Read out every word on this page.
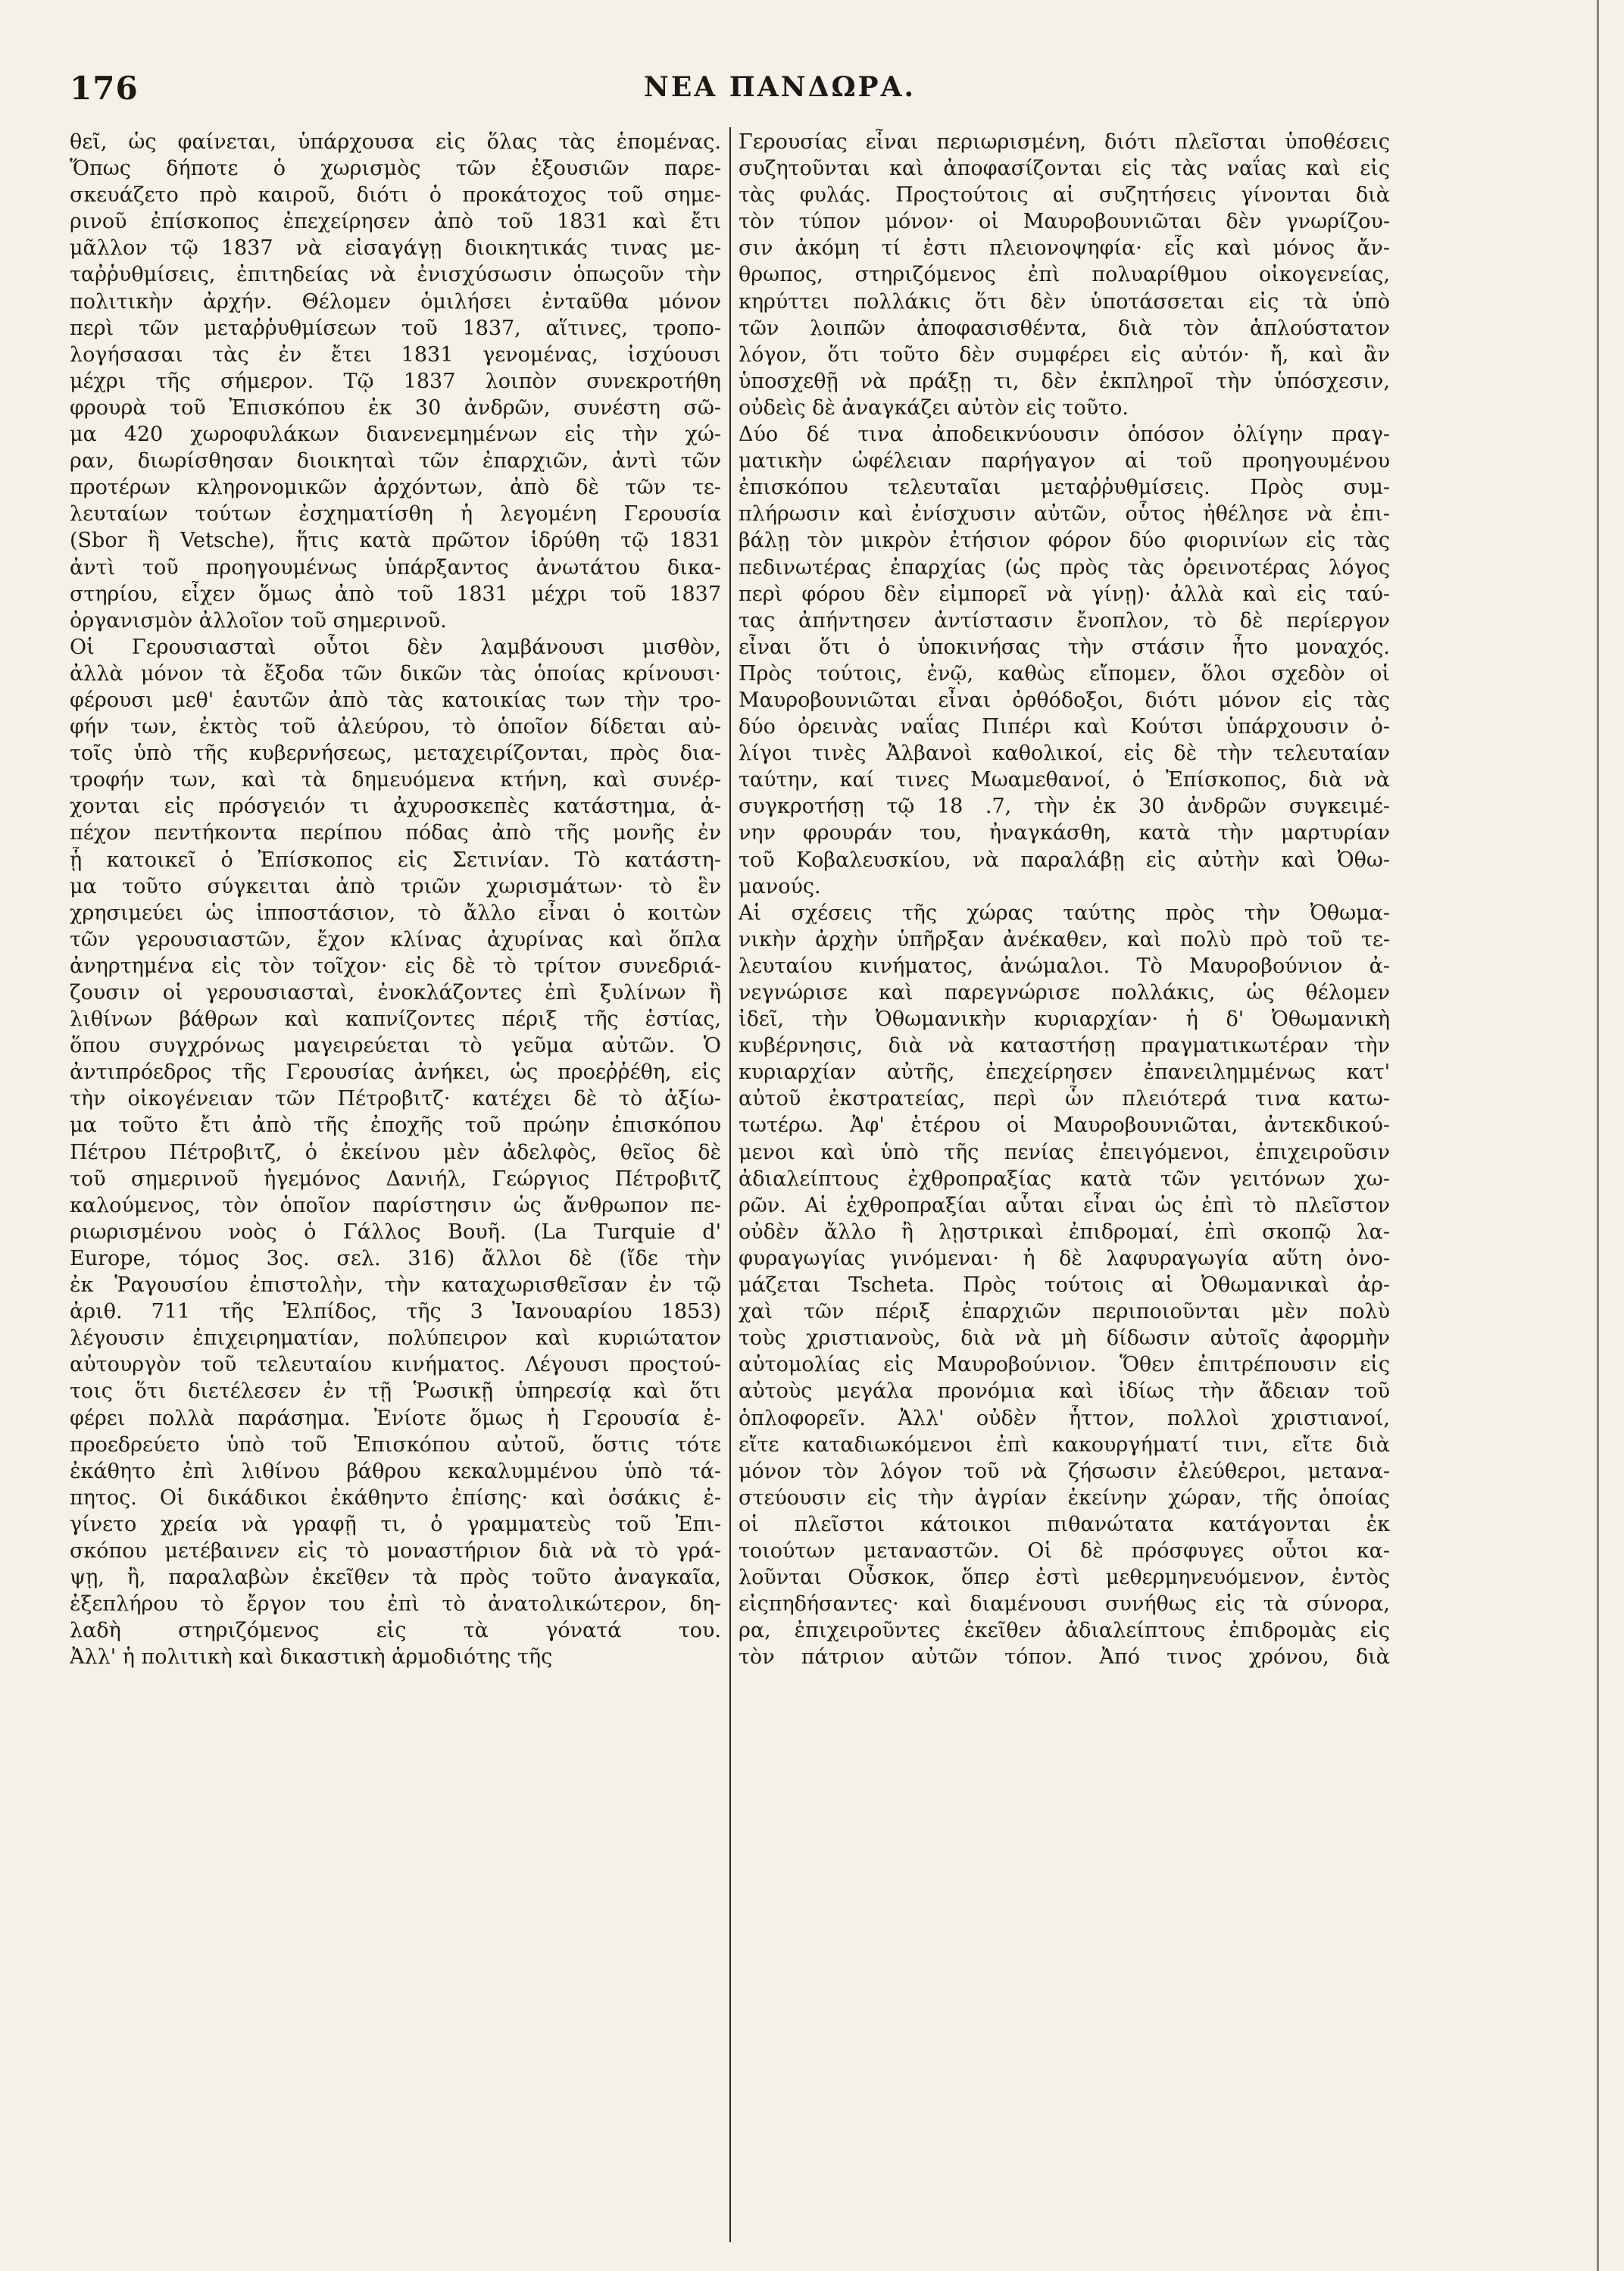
176	ΝΕΑ ΠΑΝΔΩΡΑ.
θεῖ, ὡς φαίνεται, ὑπάρχουσα εἰς ὅλας τὰς ἑπομένας.
Ὅπως δήποτε ὁ χωρισμὸς τῶν ἐξουσιῶν παρε-
σκευάζετο πρὸ καιροῦ, διότι ὁ προκάτοχος τοῦ σημε-
ρινοῦ ἐπίσκοπος ἐπεχείρησεν ἀπὸ τοῦ 1831 καὶ ἔτι
μᾶλλον τῷ 1837 νὰ εἰσαγάγῃ διοικητικάς τινας με-
ταῤῥυθμίσεις, ἐπιτηδείας νὰ ἐνισχύσωσιν ὁπωςοῦν τὴν
πολιτικὴν ἀρχήν. Θέλομεν ὁμιλήσει ἐνταῦθα μόνον
περὶ τῶν μεταῤῥυθμίσεων τοῦ 1837, αἵτινες, τροπο-
λογήσασαι τὰς ἐν ἔτει 1831 γενομένας, ἰσχύουσι
μέχρι τῆς σήμερον. Τῷ 1837 λοιπὸν συνεκροτήθη
φρουρὰ τοῦ Ἐπισκόπου ἐκ 30 ἀνδρῶν, συνέστη σῶ-
μα 420 χωροφυλάκων διανενεμημένων εἰς τὴν χώ-
ραν, διωρίσθησαν διοικηταὶ τῶν ἐπαρχιῶν, ἀντὶ τῶν
προτέρων κληρονομικῶν ἀρχόντων, ἀπὸ δὲ τῶν τε-
λευταίων τούτων ἐσχηματίσθη ἡ λεγομένη Γερουσία
(Sbor ἢ Vetsche), ἥτις κατὰ πρῶτον ἱδρύθη τῷ 1831
ἀντὶ τοῦ προηγουμένως ὑπάρξαντος ἀνωτάτου δικα-
στηρίου, εἶχεν ὅμως ἀπὸ τοῦ 1831 μέχρι τοῦ 1837
ὀργανισμὸν ἀλλοῖον τοῦ σημερινοῦ.
Οἱ Γερουσιασταὶ οὗτοι δὲν λαμβάνουσι μισθὸν,
ἀλλὰ μόνον τὰ ἔξοδα τῶν δικῶν τὰς ὁποίας κρίνουσι·
φέρουσι μεθ' ἑαυτῶν ἀπὸ τὰς κατοικίας των τὴν τρο-
φήν των, ἐκτὸς τοῦ ἀλεύρου, τὸ ὁποῖον δίδεται αὐ-
τοῖς ὑπὸ τῆς κυβερνήσεως, μεταχειρίζονται, πρὸς δια-
τροφήν των, καὶ τὰ δημευόμενα κτήνη, καὶ συνέρ-
χονται εἰς πρόσγειόν τι ἀχυροσκεπὲς κατάστημα, ἀ-
πέχον πεντήκοντα περίπου πόδας ἀπὸ τῆς μονῆς ἐν
ᾗ κατοικεῖ ὁ Ἐπίσκοπος εἰς Σετινίαν. Τὸ κατάστη-
μα τοῦτο σύγκειται ἀπὸ τριῶν χωρισμάτων· τὸ ἓν
χρησιμεύει ὡς ἱπποστάσιον, τὸ ἄλλο εἶναι ὁ κοιτὼν
τῶν γερουσιαστῶν, ἔχον κλίνας ἀχυρίνας καὶ ὅπλα
ἀνηρτημένα εἰς τὸν τοῖχον· εἰς δὲ τὸ τρίτον συνεδριά-
ζουσιν οἱ γερουσιασταὶ, ἐνοκλάζοντες ἐπὶ ξυλίνων ἢ
λιθίνων βάθρων καὶ καπνίζοντες πέριξ τῆς ἑστίας,
ὅπου συγχρόνως μαγειρεύεται τὸ γεῦμα αὐτῶν. Ὁ
ἀντιπρόεδρος τῆς Γερουσίας ἀνήκει, ὡς προεῤῥέθη, εἰς
τὴν οἰκογένειαν τῶν Πέτροβιτζ· κατέχει δὲ τὸ ἀξίω-
μα τοῦτο ἔτι ἀπὸ τῆς ἐποχῆς τοῦ πρώην ἐπισκόπου
Πέτρου Πέτροβιτζ, ὁ ἐκείνου μὲν ἀδελφὸς, θεῖος δὲ
τοῦ σημερινοῦ ἡγεμόνος Δανιήλ, Γεώργιος Πέτροβιτζ
καλούμενος, τὸν ὁποῖον παρίστησιν ὡς ἄνθρωπον πε-
ριωρισμένου νοὸς ὁ Γάλλος Βουῆ. (La Turquie d'
Europe, τόμος 3ος. σελ. 316) ἄλλοι δὲ (ἴδε τὴν
ἐκ Ῥαγουσίου ἐπιστολὴν, τὴν καταχωρισθεῖσαν ἐν τῷ
ἀριθ. 711 τῆς Ἐλπίδος, τῆς 3 Ἰανουαρίου 1853)
λέγουσιν ἐπιχειρηματίαν, πολύπειρον καὶ κυριώτατον
αὐτουργὸν τοῦ τελευταίου κινήματος. Λέγουσι προςτού-
τοις ὅτι διετέλεσεν ἐν τῇ Ῥωσικῇ ὑπηρεσίᾳ καὶ ὅτι
φέρει πολλὰ παράσημα. Ἐνίοτε ὅμως ἡ Γερουσία ἐ-
προεδρεύετο ὑπὸ τοῦ Ἐπισκόπου αὐτοῦ, ὅστις τότε
ἐκάθητο ἐπὶ λιθίνου βάθρου κεκαλυμμένου ὑπὸ τά-
πητος. Οἱ δικάδικοι ἐκάθηντο ἐπίσης· καὶ ὁσάκις ἐ-
γίνετο χρεία νὰ γραφῇ τι, ὁ γραμματεὺς τοῦ Ἐπι-
σκόπου μετέβαινεν εἰς τὸ μοναστήριον διὰ νὰ τὸ γρά-
ψῃ, ἢ, παραλαβὼν ἐκεῖθεν τὰ πρὸς τοῦτο ἀναγκαῖα,
ἐξεπλήρου τὸ ἔργον του ἐπὶ τὸ ἀνατολικώτερον, δη-
λαδὴ στηριζόμενος εἰς τὰ γόνατά του.
Ἀλλ' ἡ πολιτικὴ καὶ δικαστικὴ ἁρμοδιότης τῆς
Γερουσίας εἶναι περιωρισμένη, διότι πλεῖσται ὑποθέσεις
συζητοῦνται καὶ ἀποφασίζονται εἰς τὰς ναΐας καὶ εἰς
τὰς φυλάς. Προςτούτοις αἱ συζητήσεις γίνονται διὰ
τὸν τύπον μόνον· οἱ Μαυροβουνιῶται δὲν γνωρίζου-
σιν ἀκόμη τί ἐστι πλειονοψηφία· εἷς καὶ μόνος ἄν-
θρωπος, στηριζόμενος ἐπὶ πολυαρίθμου οἰκογενείας,
κηρύττει πολλάκις ὅτι δὲν ὑποτάσσεται εἰς τὰ ὑπὸ
τῶν λοιπῶν ἀποφασισθέντα, διὰ τὸν ἁπλούστατον
λόγον, ὅτι τοῦτο δὲν συμφέρει εἰς αὐτόν· ἤ, καὶ ἂν
ὑποσχεθῇ νὰ πράξῃ τι, δὲν ἐκπληροῖ τὴν ὑπόσχεσιν,
οὐδεὶς δὲ ἀναγκάζει αὐτὸν εἰς τοῦτο.
Δύο δέ τινα ἀποδεικνύουσιν ὁπόσον ὀλίγην πραγ-
ματικὴν ὠφέλειαν παρήγαγον αἱ τοῦ προηγουμένου
ἐπισκόπου τελευταῖαι μεταῤῥυθμίσεις. Πρὸς συμ-
πλήρωσιν καὶ ἐνίσχυσιν αὐτῶν, οὗτος ἠθέλησε νὰ ἐπι-
βάλῃ τὸν μικρὸν ἐτήσιον φόρον δύο φιορινίων εἰς τὰς
πεδινωτέρας ἐπαρχίας (ὡς πρὸς τὰς ὀρεινοτέρας λόγος
περὶ φόρου δὲν εἰμπορεῖ νὰ γίνῃ)· ἀλλὰ καὶ εἰς ταύ-
τας ἀπήντησεν ἀντίστασιν ἔνοπλον, τὸ δὲ περίεργον
εἶναι ὅτι ὁ ὑποκινήσας τὴν στάσιν ἦτο μοναχός.
Πρὸς τούτοις, ἐνῷ, καθὼς εἴπομεν, ὅλοι σχεδὸν οἱ
Μαυροβουνιῶται εἶναι ὀρθόδοξοι, διότι μόνον εἰς τὰς
δύο ὀρεινὰς ναΐας Πιπέρι καὶ Κούτσι ὑπάρχουσιν ὀ-
λίγοι τινὲς Ἀλβανοὶ καθολικοί, εἰς δὲ τὴν τελευταίαν
ταύτην, καί τινες Μωαμεθανοί, ὁ Ἐπίσκοπος, διὰ νὰ
συγκροτήσῃ τῷ 18 .7, τὴν ἐκ 30 ἀνδρῶν συγκειμέ-
νην φρουράν του, ἠναγκάσθη, κατὰ τὴν μαρτυρίαν
τοῦ Κοβαλευσκίου, νὰ παραλάβῃ εἰς αὐτὴν καὶ Ὀθω-
μανούς.
Αἱ σχέσεις τῆς χώρας ταύτης πρὸς τὴν Ὀθωμα-
νικὴν ἀρχὴν ὑπῆρξαν ἀνέκαθεν, καὶ πολὺ πρὸ τοῦ τε-
λευταίου κινήματος, ἀνώμαλοι. Τὸ Μαυροβούνιον ἀ-
νεγνώρισε καὶ παρεγνώρισε πολλάκις, ὡς θέλομεν
ἰδεῖ, τὴν Ὀθωμανικὴν κυριαρχίαν· ἡ δ' Ὀθωμανικὴ
κυβέρνησις, διὰ νὰ καταστήσῃ πραγματικωτέραν τὴν
κυριαρχίαν αὐτῆς, ἐπεχείρησεν ἐπανειλημμένως κατ'
αὐτοῦ ἐκστρατείας, περὶ ὧν πλειότερά τινα κατω-
τωτέρω. Ἀφ' ἑτέρου οἱ Μαυροβουνιῶται, ἀντεκδικού-
μενοι καὶ ὑπὸ τῆς πενίας ἐπειγόμενοι, ἐπιχειροῦσιν
ἀδιαλείπτους ἐχθροπραξίας κατὰ τῶν γειτόνων χω-
ρῶν. Αἱ ἐχθροπραξίαι αὗται εἶναι ὡς ἐπὶ τὸ πλεῖστον
οὐδὲν ἄλλο ἢ λῃστρικαὶ ἐπιδρομαί, ἐπὶ σκοπῷ λα-
φυραγωγίας γινόμεναι· ἡ δὲ λαφυραγωγία αὕτη ὀνο-
μάζεται Tscheta. Πρὸς τούτοις αἱ Ὀθωμανικαὶ ἀρ-
χαὶ τῶν πέριξ ἐπαρχιῶν περιποιοῦνται μὲν πολὺ
τοὺς χριστιανοὺς, διὰ νὰ μὴ δίδωσιν αὐτοῖς ἀφορμὴν
αὐτομολίας εἰς Μαυροβούνιον. Ὅθεν ἐπιτρέπουσιν εἰς
αὐτοὺς μεγάλα προνόμια καὶ ἰδίως τὴν ἄδειαν τοῦ
ὁπλοφορεῖν. Ἀλλ' οὐδὲν ἧττον, πολλοὶ χριστιανοί,
εἴτε καταδιωκόμενοι ἐπὶ κακουργήματί τινι, εἴτε διὰ
μόνον τὸν λόγον τοῦ νὰ ζήσωσιν ἐλεύθεροι, μετανα-
στεύουσιν εἰς τὴν ἀγρίαν ἐκείνην χώραν, τῆς ὁποίας
οἱ πλεῖστοι κάτοικοι πιθανώτατα κατάγονται ἐκ
τοιούτων μεταναστῶν. Οἱ δὲ πρόσφυγες οὗτοι κα-
λοῦνται Οὖσκοκ, ὅπερ ἐστὶ μεθερμηνευόμενον, ἐντὸς
εἰςπηδήσαντες· καὶ διαμένουσι συνήθως εἰς τὰ σύνορα,
ρα, ἐπιχειροῦντες ἐκεῖθεν ἀδιαλείπτους ἐπιδρομὰς εἰς
τὸν πάτριον αὐτῶν τόπον. Ἀπό τινος χρόνου, διὰ
